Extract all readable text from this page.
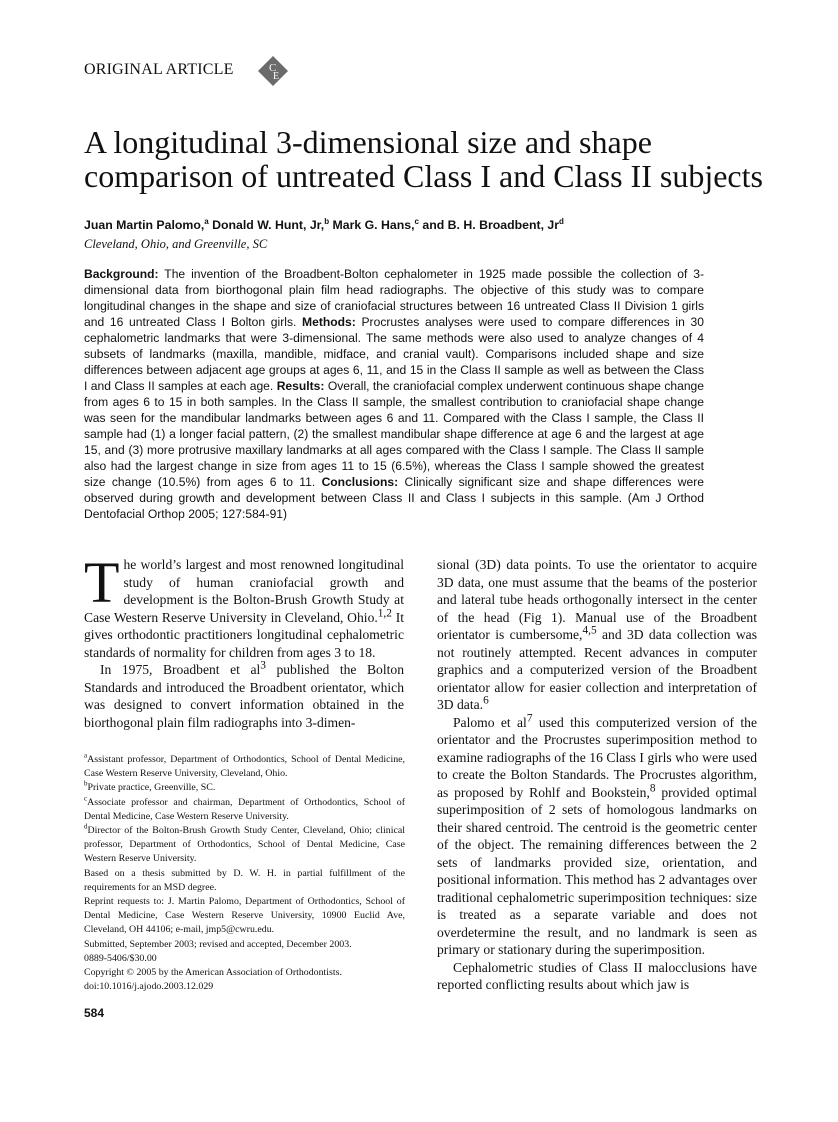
ORIGINAL ARTICLE	C
E
A longitudinal 3-dimensional size and shape comparison of untreated Class I and Class II subjects
Juan Martin Palomo,$^a$ Donald W. Hunt, Jr,$^b$ Mark G. Hans,$^c$ and B. H. Broadbent, Jr$^d$
Cleveland, Ohio, and Greenville, SC

Background: The invention of the Broadbent-Bolton cephalometer in 1925 made possible the collection of 3-dimensional data from biorthogonal plain film head radiographs. The objective of this study was to compare longitudinal changes in the shape and size of craniofacial structures between 16 untreated Class II Division 1 girls and 16 untreated Class I Bolton girls. Methods: Procrustes analyses were used to compare differences in 30 cephalometric landmarks that were 3-dimensional. The same methods were also used to analyze changes of 4 subsets of landmarks (maxilla, mandible, midface, and cranial vault). Comparisons included shape and size differences between adjacent age groups at ages 6, 11, and 15 in the Class II sample as well as between the Class I and Class II samples at each age. Results: Overall, the craniofacial complex underwent continuous shape change from ages 6 to 15 in both samples. In the Class II sample, the smallest contribution to craniofacial shape change was seen for the mandibular landmarks between ages 6 and 11. Compared with the Class I sample, the Class II sample had (1) a longer facial pattern, (2) the smallest mandibular shape difference at age 6 and the largest at age 15, and (3) more protrusive maxillary landmarks at all ages compared with the Class I sample. The Class II sample also had the largest change in size from ages 11 to 15 (6.5%), whereas the Class I sample showed the greatest size change (10.5%) from ages 6 to 11. Conclusions: Clinically significant size and shape differences were observed during growth and development between Class II and Class I subjects in this sample. (Am J Orthod Dentofacial Orthop 2005; 127:584-91)

The world’s largest and most renowned longitudinal study of human craniofacial growth and development is the Bolton-Brush Growth Study at Case Western Reserve University in Cleveland, Ohio.$^{1,2}$ It gives orthodontic practitioners longitudinal cephalometric standards of normality for children from ages 3 to 18.

In 1975, Broadbent et $al^3$ published the Bolton Standards and introduced the Broadbent orientator, which was designed to convert information obtained in the biorthogonal plain film radiographs into 3-dimen-

$^a$Assistant professor, Department of Orthodontics, School of Dental Medicine, Case Western Reserve University, Cleveland, Ohio.
$^b$Private practice, Greenville, SC.
$^c$Associate professor and chairman, Department of Orthodontics, School of Dental Medicine, Case Western Reserve University.
$^d$Director of the Bolton-Brush Growth Study Center, Cleveland, Ohio; clinical professor, Department of Orthodontics, School of Dental Medicine, Case Western Reserve University.
Based on a thesis submitted by D. W. H. in partial fulfillment of the requirements for an MSD degree.
Reprint requests to: J. Martin Palomo, Department of Orthodontics, School of Dental Medicine, Case Western Reserve University, 10900 Euclid Ave, Cleveland, OH 44106; e-mail, jmp5@cwru.edu.
Submitted, September 2003; revised and accepted, December 2003.
0889-5406/$30.00
Copyright © 2005 by the American Association of Orthodontists.
doi:10.1016/j.ajodo.2003.12.029
584

sional (3D) data points. To use the orientator to acquire 3D data, one must assume that the beams of the posterior and lateral tube heads orthogonally intersect in the center of the head (Fig 1). Manual use of the Broadbent orientator is cumbersome,$^{4,5}$ and 3D data collection was not routinely attempted. Recent advances in computer graphics and a computerized version of the Broadbent orientator allow for easier collection and interpretation of 3D data.$^6$

Palomo et $al^7$ used this computerized version of the orientator and the Procrustes superimposition method to examine radiographs of the 16 Class I girls who were used to create the Bolton Standards. The Procrustes algorithm, as proposed by Rohlf and Bookstein,$^8$ provided optimal superimposition of 2 sets of homologous landmarks on their shared centroid. The centroid is the geometric center of the object. The remaining differences between the 2 sets of landmarks provided size, orientation, and positional information. This method has 2 advantages over traditional cephalometric superimposition techniques: size is treated as a separate variable and does not overdetermine the result, and no landmark is seen as primary or stationary during the superimposition.

Cephalometric studies of Class II malocclusions have reported conflicting results about which jaw is
